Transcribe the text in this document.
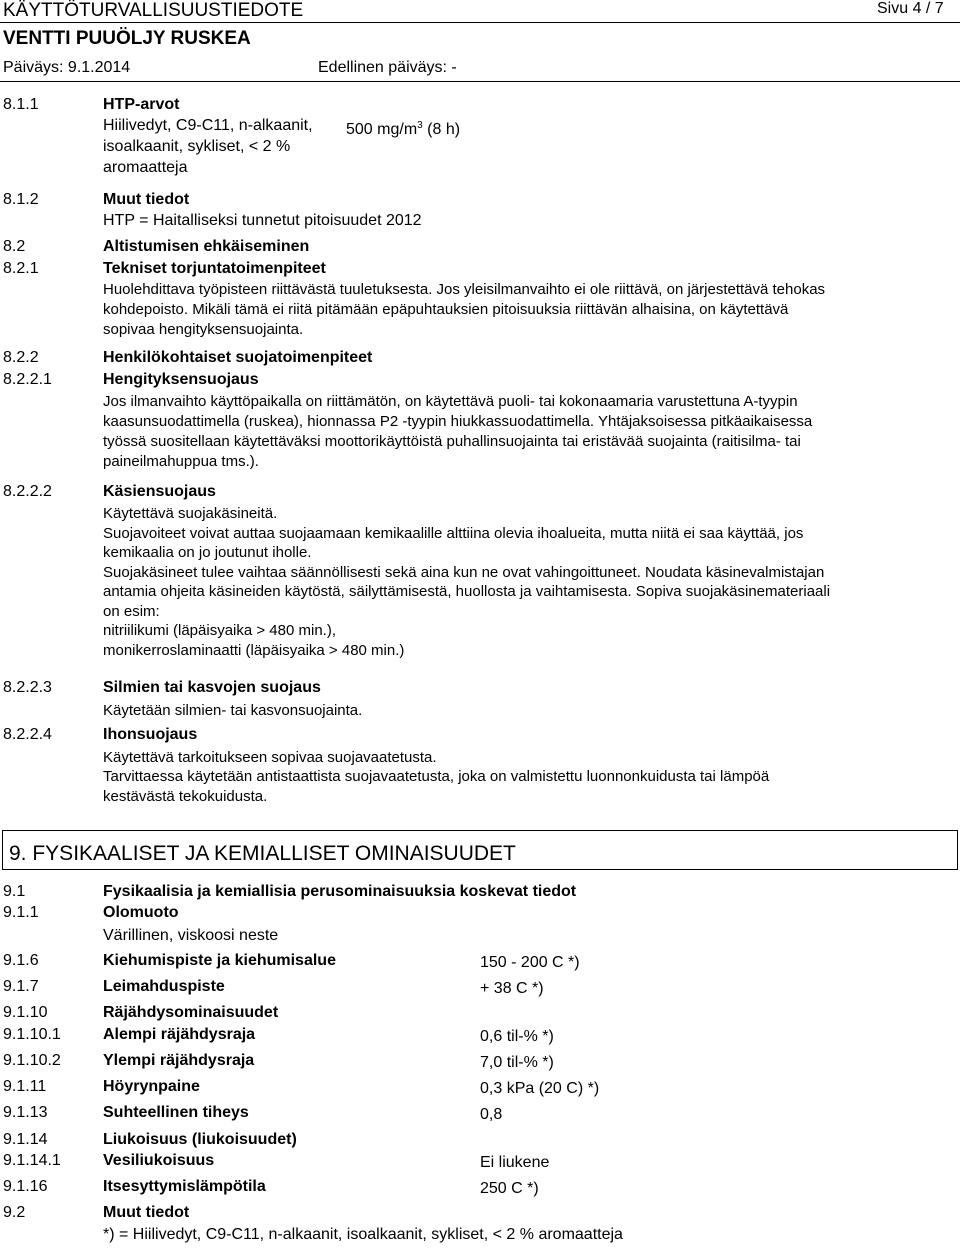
KÄYTTÖTURVALLISUUSTIEDOTE	Sivu 4 / 7
VENTTI PUUÖLJY RUSKEA
Päiväys: 9.1.2014	Edellinen päiväys: -
8.1.1	HTP-arvot
Hiilivedyt, C9-C11, n-alkaanit,
isoalkaanit, sykliset, < 2 %
aromaatteja
500 $mg/m^3$ (8 h)
8.1.2	Muut tiedot
HTP = Haitalliseksi tunnetut pitoisuudet 2012
8.2	Altistumisen ehkäiseminen
8.2.1	Tekniset torjuntatoimenpiteet
Huolehdittava työpisteen riittävästä tuuletuksesta. Jos yleisilmanvaihto ei ole riittävä, on järjestettävä tehokas
kohdepoisto. Mikäli tämä ei riitä pitämään epäpuhtauksien pitoisuuksia riittävän alhaisina, on käytettävä
sopivaa hengityksensuojainta.
8.2.2	Henkilökohtaiset suojatoimenpiteet
8.2.2.1	Hengityksensuojaus
Jos ilmanvaihto käyttöpaikalla on riittämätön, on käytettävä puoli- tai kokonaamaria varustettuna A-tyypin
kaasunsuodattimella (ruskea), hionnassa P2 -tyypin hiukkassuodattimella. Yhtäjaksoisessa pitkäaikaisessa
työssä suositellaan käytettäväksi moottorikäyttöistä puhallinsuojainta tai eristävää suojainta (raitisilma- tai
paineilmahuppua tms.).
8.2.2.2	Käsiensuojaus
Käytettävä suojakäsineitä.
Suojavoiteet voivat auttaa suojaamaan kemikaalille alttiina olevia ihoalueita, mutta niitä ei saa käyttää, jos
kemikaalia on jo joutunut iholle.
Suojakäsineet tulee vaihtaa säännöllisesti sekä aina kun ne ovat vahingoittuneet. Noudata käsinevalmistajan
antamia ohjeita käsineiden käytöstä, säilyttämisestä, huollosta ja vaihtamisesta. Sopiva suojakäsinemateriaali
on esim:
nitriilikumi (läpäisyaika > 480 min.),
monikerroslaminaatti (läpäisyaika > 480 min.)
8.2.2.3	Silmien tai kasvojen suojaus
Käytetään silmien- tai kasvonsuojainta.
8.2.2.4	Ihonsuojaus
Käytettävä tarkoitukseen sopivaa suojavaatetusta.
Tarvittaessa käytetään antistaattista suojavaatetusta, joka on valmistettu luonnonkuidusta tai lämpöä
kestävästä tekokuidusta.
9. FYSIKAALISET JA KEMIALLISET OMINAISUUDET
9.1	Fysikaalisia ja kemiallisia perusominaisuuksia koskevat tiedot
9.1.1	Olomuoto
Värillinen, viskoosi neste
9.1.6	Kiehumispiste ja kiehumisalue	150 - 200 C *)
9.1.7	Leimahduspiste	+ 38 C *)
9.1.10	Räjähdysominaisuudet
9.1.10.1	Alempi räjähdysraja	0,6 til-% *)
9.1.10.2	Ylempi räjähdysraja	7,0 til-% *)
9.1.11	Höyrynpaine	0,3 kPa (20 C) *)
9.1.13	Suhteellinen tiheys	0,8
9.1.14	Liukoisuus (liukoisuudet)
9.1.14.1	Vesiliukoisuus	Ei liukene
9.1.16	Itsesyttymislämpötila	250 C *)
9.2	Muut tiedot
*) = Hiilivedyt, C9-C11, n-alkaanit, isoalkaanit, sykliset, < 2 % aromaatteja
